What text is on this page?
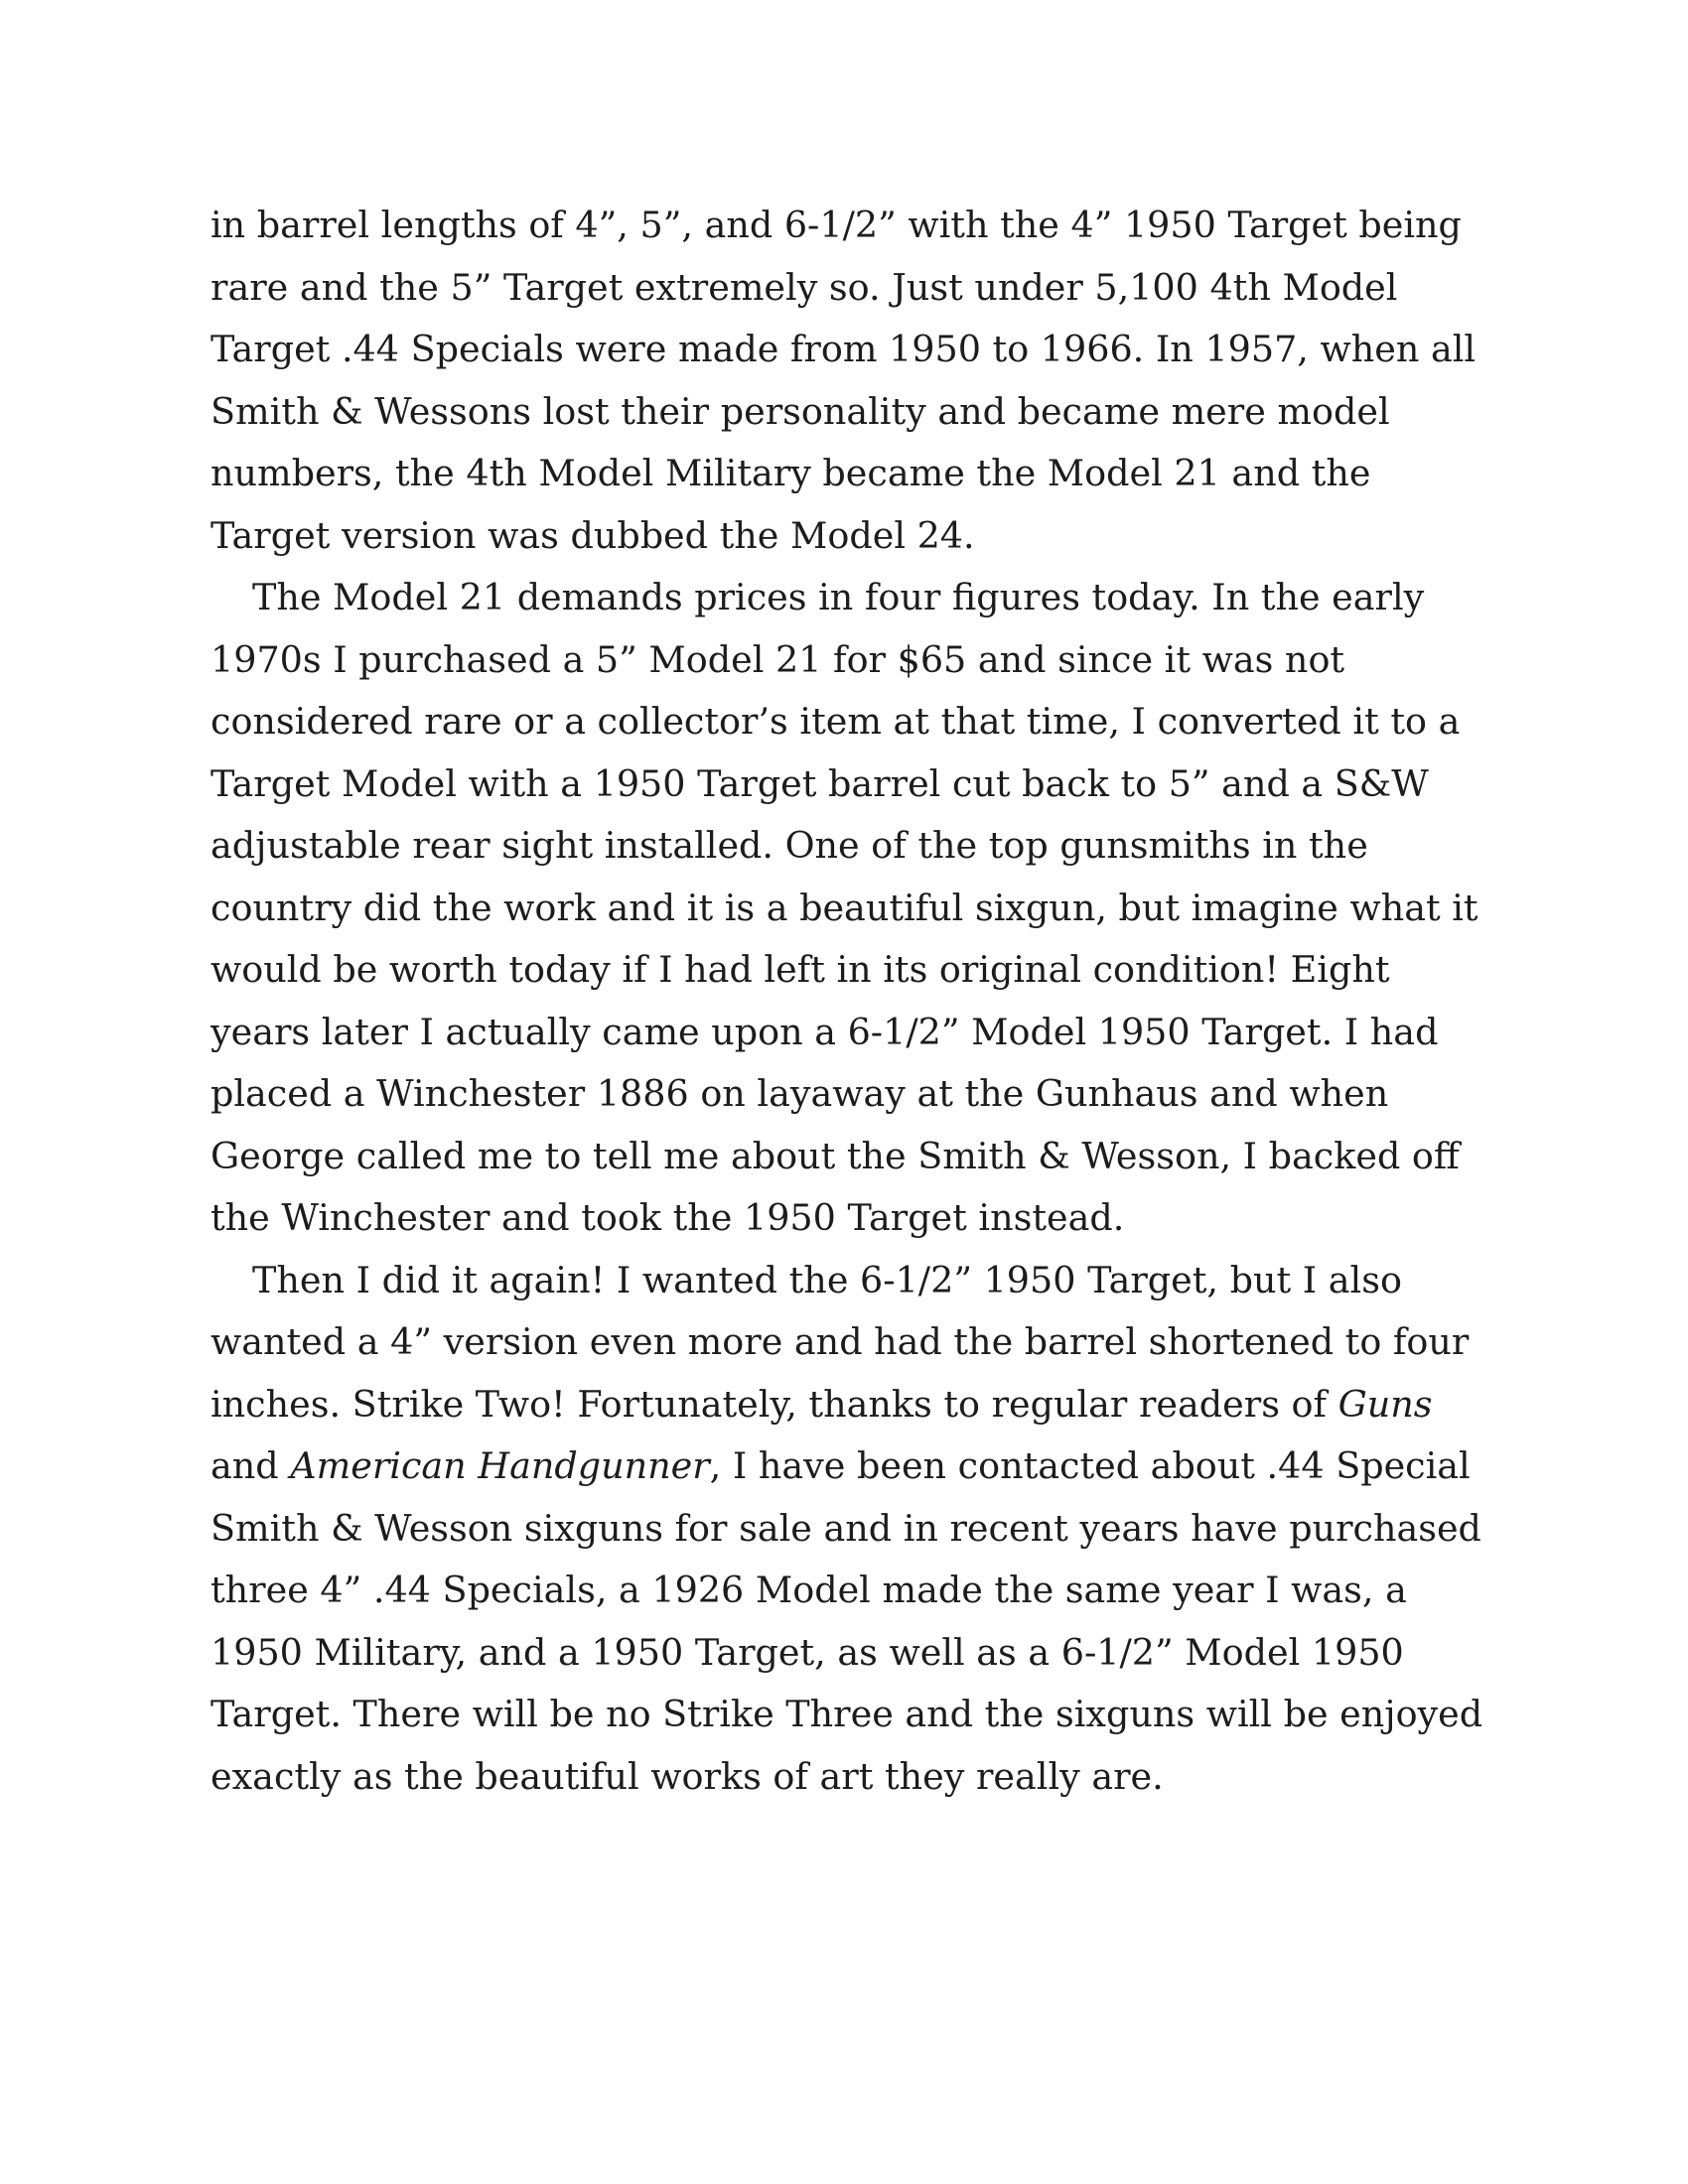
in barrel lengths of 4”, 5”, and 6-1/2” with the 4” 1950 Target being rare and the 5” Target extremely so. Just under 5,100 4th Model Target .44 Specials were made from 1950 to 1966. In 1957, when all Smith & Wessons lost their personality and became mere model numbers, the 4th Model Military became the Model 21 and the Target version was dubbed the Model 24.

The Model 21 demands prices in four figures today. In the early 1970s I purchased a 5” Model 21 for $65 and since it was not considered rare or a collector’s item at that time, I converted it to a Target Model with a 1950 Target barrel cut back to 5” and a S&W adjustable rear sight installed. One of the top gunsmiths in the country did the work and it is a beautiful sixgun, but imagine what it would be worth today if I had left in its original condition! Eight years later I actually came upon a 6-1/2” Model 1950 Target. I had placed a Winchester 1886 on layaway at the Gunhaus and when George called me to tell me about the Smith & Wesson, I backed off the Winchester and took the 1950 Target instead.

Then I did it again! I wanted the 6-1/2” 1950 Target, but I also wanted a 4” version even more and had the barrel shortened to four inches. Strike Two! Fortunately, thanks to regular readers of Guns and American Handgunner, I have been contacted about .44 Special Smith & Wesson sixguns for sale and in recent years have purchased three 4” .44 Specials, a 1926 Model made the same year I was, a 1950 Military, and a 1950 Target, as well as a 6-1/2” Model 1950 Target. There will be no Strike Three and the sixguns will be enjoyed exactly as the beautiful works of art they really are.
